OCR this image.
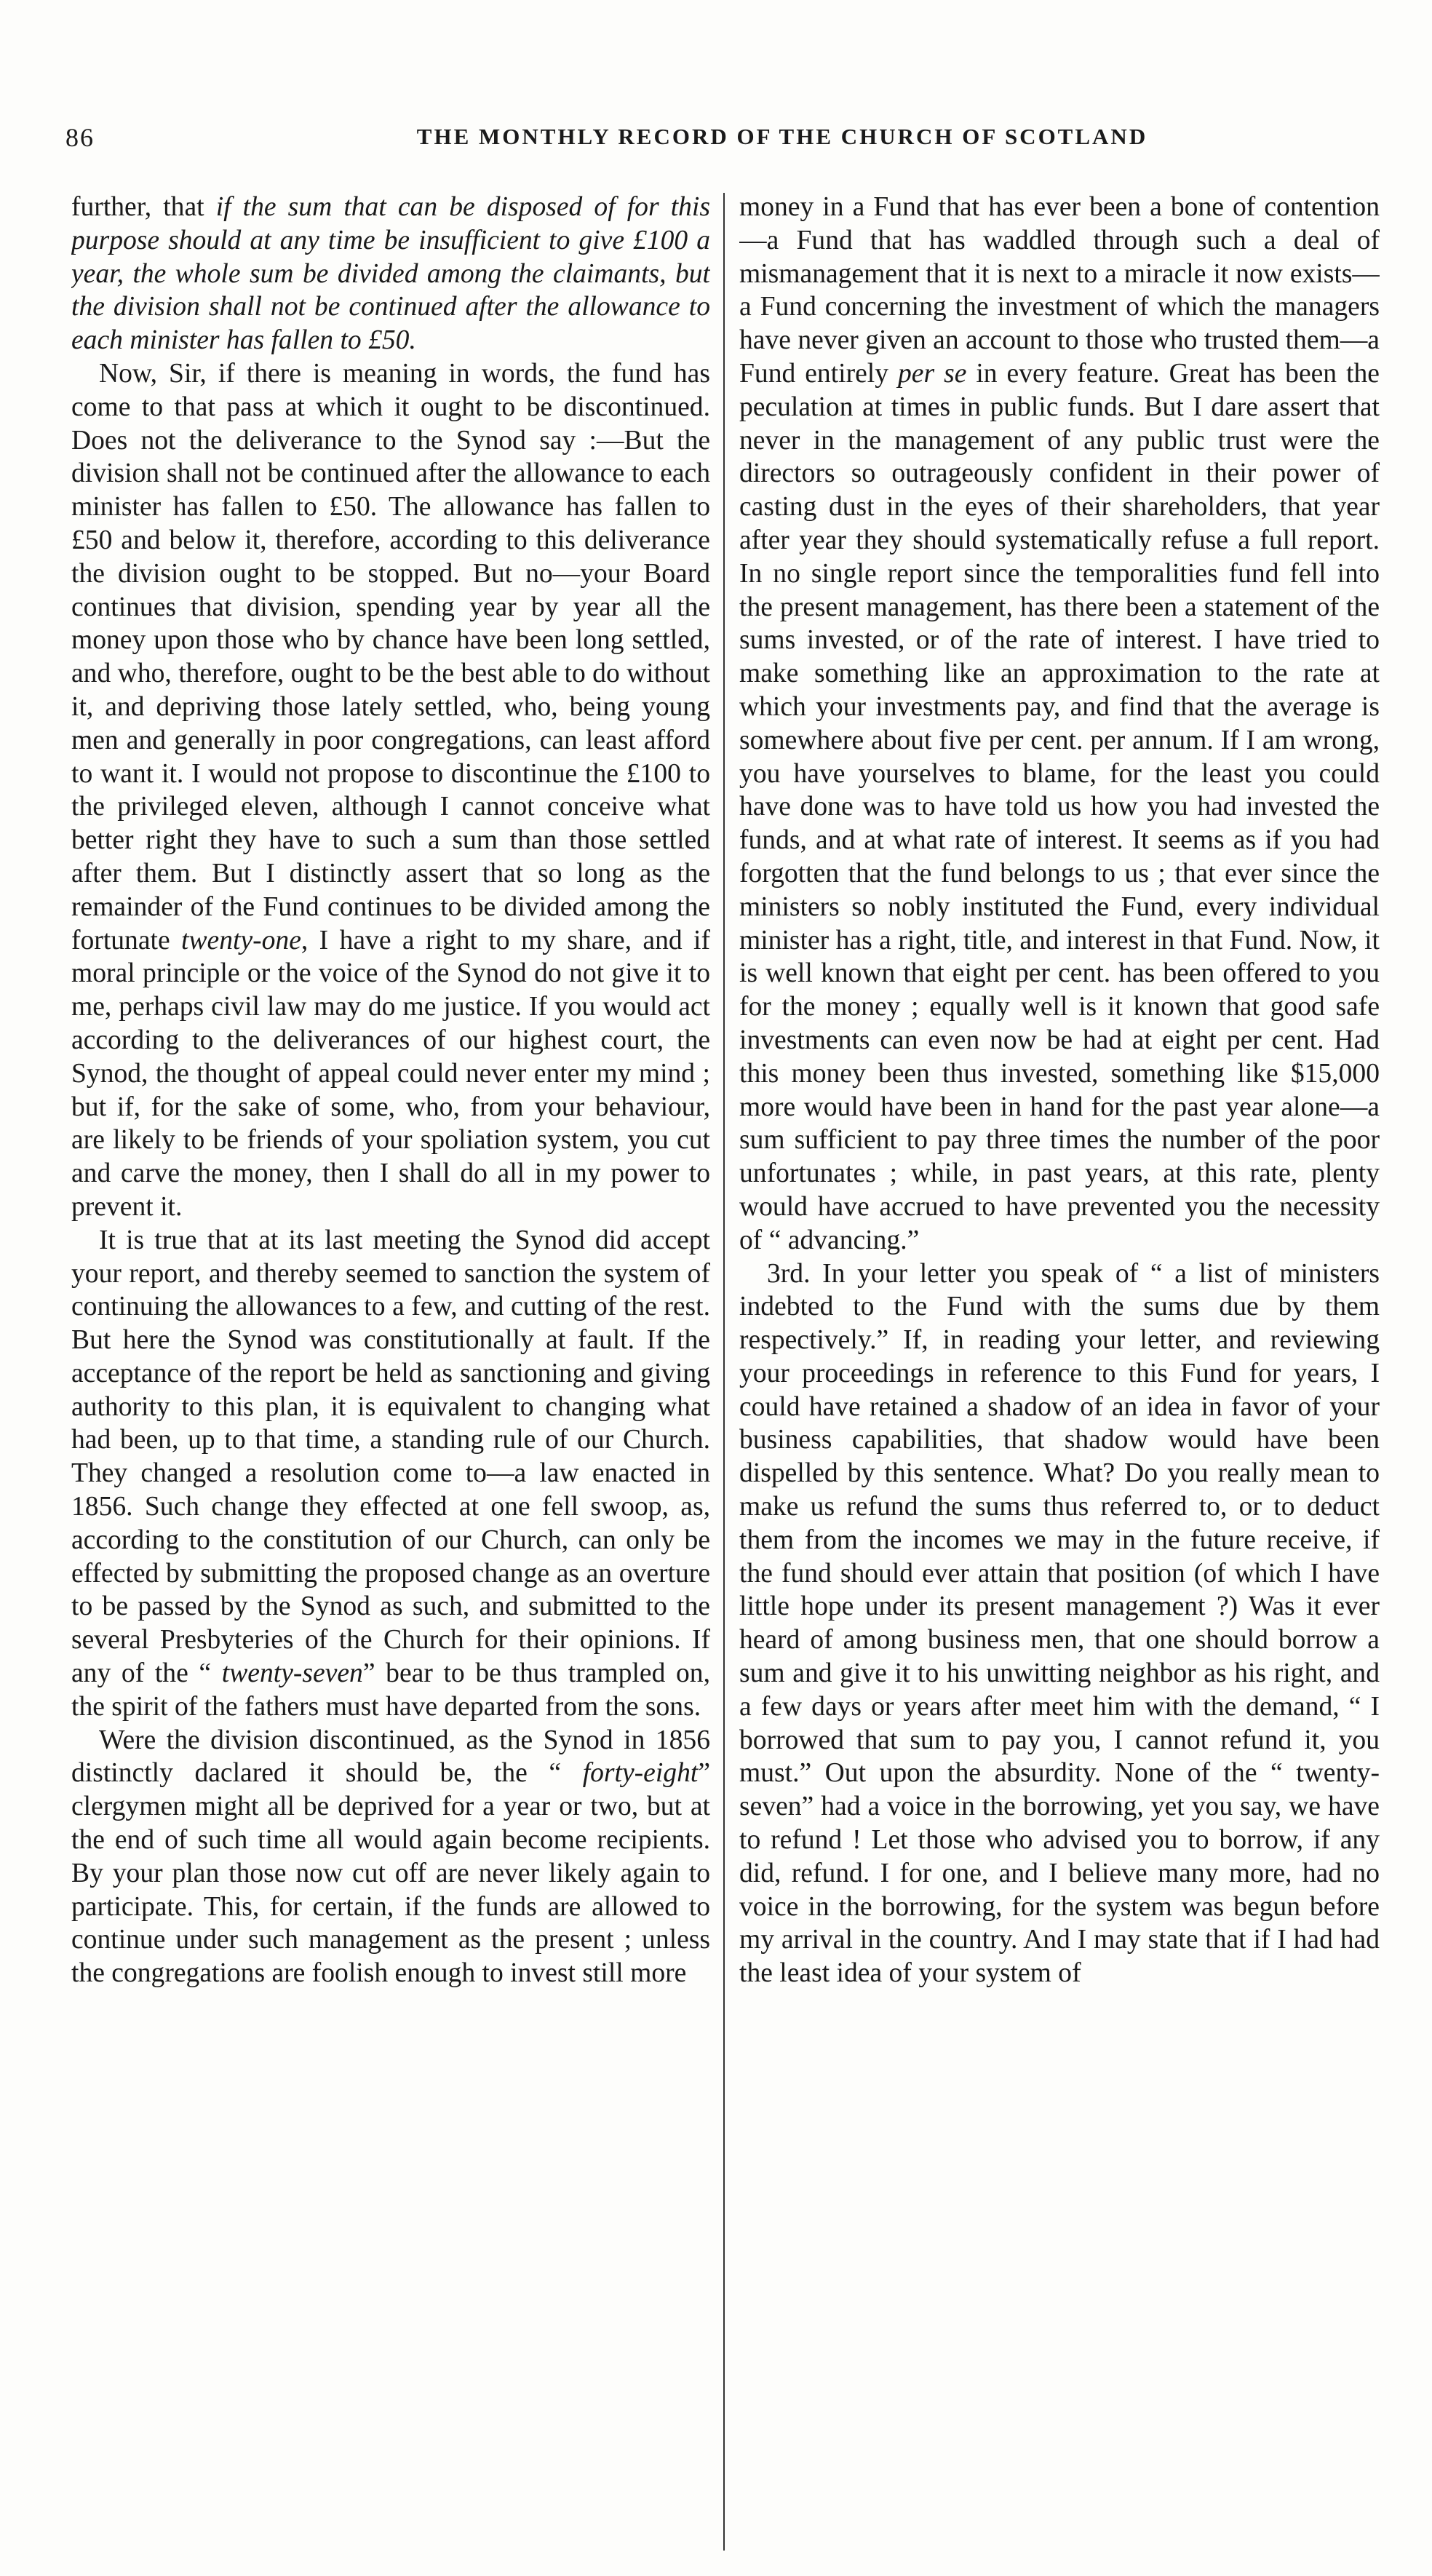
86	THE MONTHLY RECORD OF THE CHURCH OF SCOTLAND

further, that if the sum that can be disposed of for this purpose should at any time be insufficient to give £100 a year, the whole sum be divided among the claimants, but the division shall not be continued after the allowance to each minister has fallen to £50.

Now, Sir, if there is meaning in words, the fund has come to that pass at which it ought to be discontinued. Does not the deliverance to the Synod say :—But the division shall not be continued after the allowance to each minister has fallen to £50. The allowance has fallen to £50 and below it, therefore, according to this deliverance the division ought to be stopped. But no—your Board continues that division, spending year by year all the money upon those who by chance have been long settled, and who, therefore, ought to be the best able to do without it, and depriving those lately settled, who, being young men and generally in poor congregations, can least afford to want it. I would not propose to discontinue the £100 to the privileged eleven, although I cannot conceive what better right they have to such a sum than those settled after them. But I distinctly assert that so long as the remainder of the Fund continues to be divided among the fortunate twenty-one, I have a right to my share, and if moral principle or the voice of the Synod do not give it to me, perhaps civil law may do me justice. If you would act according to the deliverances of our highest court, the Synod, the thought of appeal could never enter my mind ; but if, for the sake of some, who, from your behaviour, are likely to be friends of your spoliation system, you cut and carve the money, then I shall do all in my power to prevent it.

It is true that at its last meeting the Synod did accept your report, and thereby seemed to sanction the system of continuing the allowances to a few, and cutting of the rest. But here the Synod was constitutionally at fault. If the acceptance of the report be held as sanctioning and giving authority to this plan, it is equivalent to changing what had been, up to that time, a standing rule of our Church. They changed a resolution come to—a law enacted in 1856. Such change they effected at one fell swoop, as, according to the constitution of our Church, can only be effected by submitting the proposed change as an overture to be passed by the Synod as such, and submitted to the several Presbyteries of the Church for their opinions. If any of the “ twenty-seven” bear to be thus trampled on, the spirit of the fathers must have departed from the sons.

Were the division discontinued, as the Synod in 1856 distinctly daclared it should be, the “ forty-eight” clergymen might all be deprived for a year or two, but at the end of such time all would again become recipients. By your plan those now cut off are never likely again to participate. This, for certain, if the funds are allowed to continue under such management as the present ; unless the congregations are foolish enough to invest still more

money in a Fund that has ever been a bone of contention—a Fund that has waddled through such a deal of mismanagement that it is next to a miracle it now exists—a Fund concerning the investment of which the managers have never given an account to those who trusted them—a Fund entirely per se in every feature. Great has been the peculation at times in public funds. But I dare assert that never in the management of any public trust were the directors so outrageously confident in their power of casting dust in the eyes of their shareholders, that year after year they should systematically refuse a full report. In no single report since the temporalities fund fell into the present management, has there been a statement of the sums invested, or of the rate of interest. I have tried to make something like an approximation to the rate at which your investments pay, and find that the average is somewhere about five per cent. per annum. If I am wrong, you have yourselves to blame, for the least you could have done was to have told us how you had invested the funds, and at what rate of interest. It seems as if you had forgotten that the fund belongs to us ; that ever since the ministers so nobly instituted the Fund, every individual minister has a right, title, and interest in that Fund. Now, it is well known that eight per cent. has been offered to you for the money ; equally well is it known that good safe investments can even now be had at eight per cent. Had this money been thus invested, something like $15,000 more would have been in hand for the past year alone—a sum sufficient to pay three times the number of the poor unfortunates ; while, in past years, at this rate, plenty would have accrued to have prevented you the necessity of “ advancing.”

3rd. In your letter you speak of “ a list of ministers indebted to the Fund with the sums due by them respectively.” If, in reading your letter, and reviewing your proceedings in reference to this Fund for years, I could have retained a shadow of an idea in favor of your business capabilities, that shadow would have been dispelled by this sentence. What? Do you really mean to make us refund the sums thus referred to, or to deduct them from the incomes we may in the future receive, if the fund should ever attain that position (of which I have little hope under its present management ?) Was it ever heard of among business men, that one should borrow a sum and give it to his unwitting neighbor as his right, and a few days or years after meet him with the demand, “ I borrowed that sum to pay you, I cannot refund it, you must.” Out upon the absurdity. None of the “ twenty-seven” had a voice in the borrowing, yet you say, we have to refund ! Let those who advised you to borrow, if any did, refund. I for one, and I believe many more, had no voice in the borrowing, for the system was begun before my arrival in the country. And I may state that if I had had the least idea of your system of
